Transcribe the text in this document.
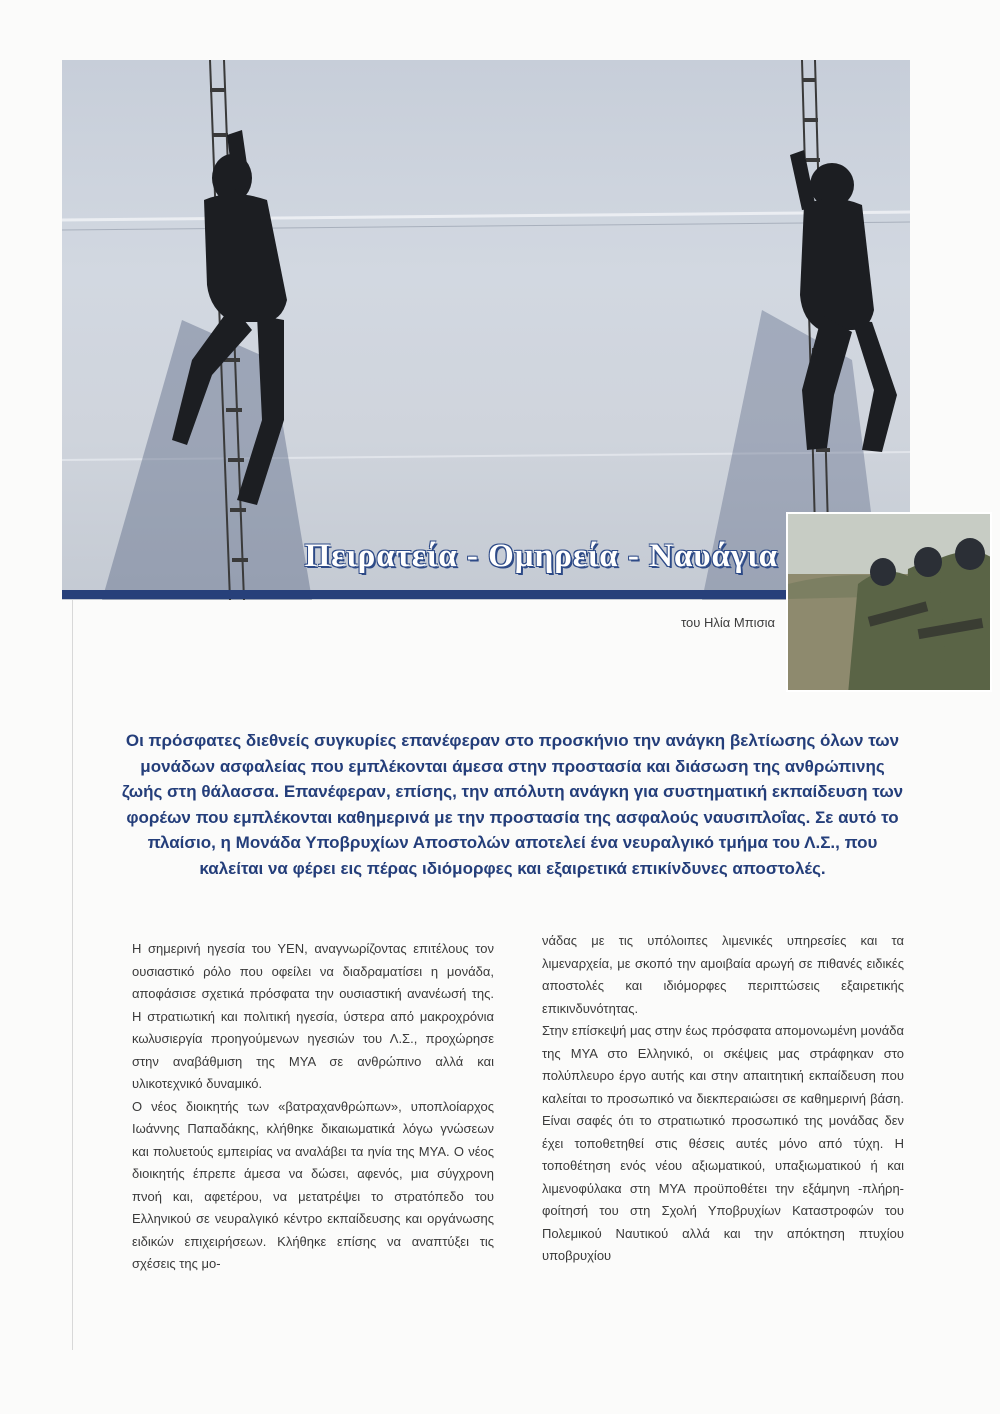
Πειρατεία - Ομηρεία - Ναυάγια
του Ηλία Μπισια
Οι πρόσφατες διεθνείς συγκυρίες επανέφεραν στο προσκήνιο την ανάγκη βελτίωσης όλων των μονάδων ασφαλείας που εμπλέκονται άμεσα στην προστασία και διάσωση της ανθρώπινης ζωής στη θάλασσα. Επανέφεραν, επίσης, την απόλυτη ανάγκη για συστηματική εκπαίδευση των φορέων που εμπλέκονται καθημερινά με την προστασία της ασφαλούς ναυσιπλοΐας. Σε αυτό το πλαίσιο, η Μονάδα Υποβρυχίων Αποστολών αποτελεί ένα νευραλγικό τμήμα του Λ.Σ., που καλείται να φέρει εις πέρας ιδιόμορφες και εξαιρετικά επικίνδυνες αποστολές.

Η σημερινή ηγεσία του ΥΕΝ, αναγνωρίζοντας επιτέλους τον ουσιαστικό ρόλο που οφείλει να διαδραματίσει η μονάδα, αποφάσισε σχετικά πρόσφατα την ουσιαστική ανανέωσή της. Η στρατιωτική και πολιτική ηγεσία, ύστερα από μακροχρόνια κωλυσιεργία προηγούμενων ηγεσιών του Λ.Σ., προχώρησε στην αναβάθμιση της ΜΥΑ σε ανθρώπινο αλλά και υλικοτεχνικό δυναμικό.

Ο νέος διοικητής των «βατραχανθρώπων», υποπλοίαρχος Ιωάννης Παπαδάκης, κλήθηκε δικαιωματικά λόγω γνώσεων και πολυετούς εμπειρίας να αναλάβει τα ηνία της ΜΥΑ. Ο νέος διοικητής έπρεπε άμεσα να δώσει, αφενός, μια σύγχρονη πνοή και, αφετέρου, να μετατρέψει το στρατόπεδο του Ελληνικού σε νευραλγικό κέντρο εκπαίδευσης και οργάνωσης ειδικών επιχειρήσεων. Κλήθηκε επίσης να αναπτύξει τις σχέσεις της μο-

νάδας με τις υπόλοιπες λιμενικές υπηρεσίες και τα λιμεναρχεία, με σκοπό την αμοιβαία αρωγή σε πιθανές ειδικές αποστολές και ιδιόμορφες περιπτώσεις εξαιρετικής επικινδυνότητας.

Στην επίσκεψή μας στην έως πρόσφατα απομονωμένη μονάδα της ΜΥΑ στο Ελληνικό, οι σκέψεις μας στράφηκαν στο πολύπλευρο έργο αυτής και στην απαιτητική εκπαίδευση που καλείται το προσωπικό να διεκπεραιώσει σε καθημερινή βάση. Είναι σαφές ότι το στρατιωτικό προσωπικό της μονάδας δεν έχει τοποθετηθεί στις θέσεις αυτές μόνο από τύχη. Η τοποθέτηση ενός νέου αξιωματικού, υπαξιωματικού ή και λιμενοφύλακα στη ΜΥΑ προϋποθέτει την εξάμηνη -πλήρη- φοίτησή του στη Σχολή Υποβρυχίων Καταστροφών του Πολεμικού Ναυτικού αλλά και την απόκτηση πτυχίου υποβρυχίου
